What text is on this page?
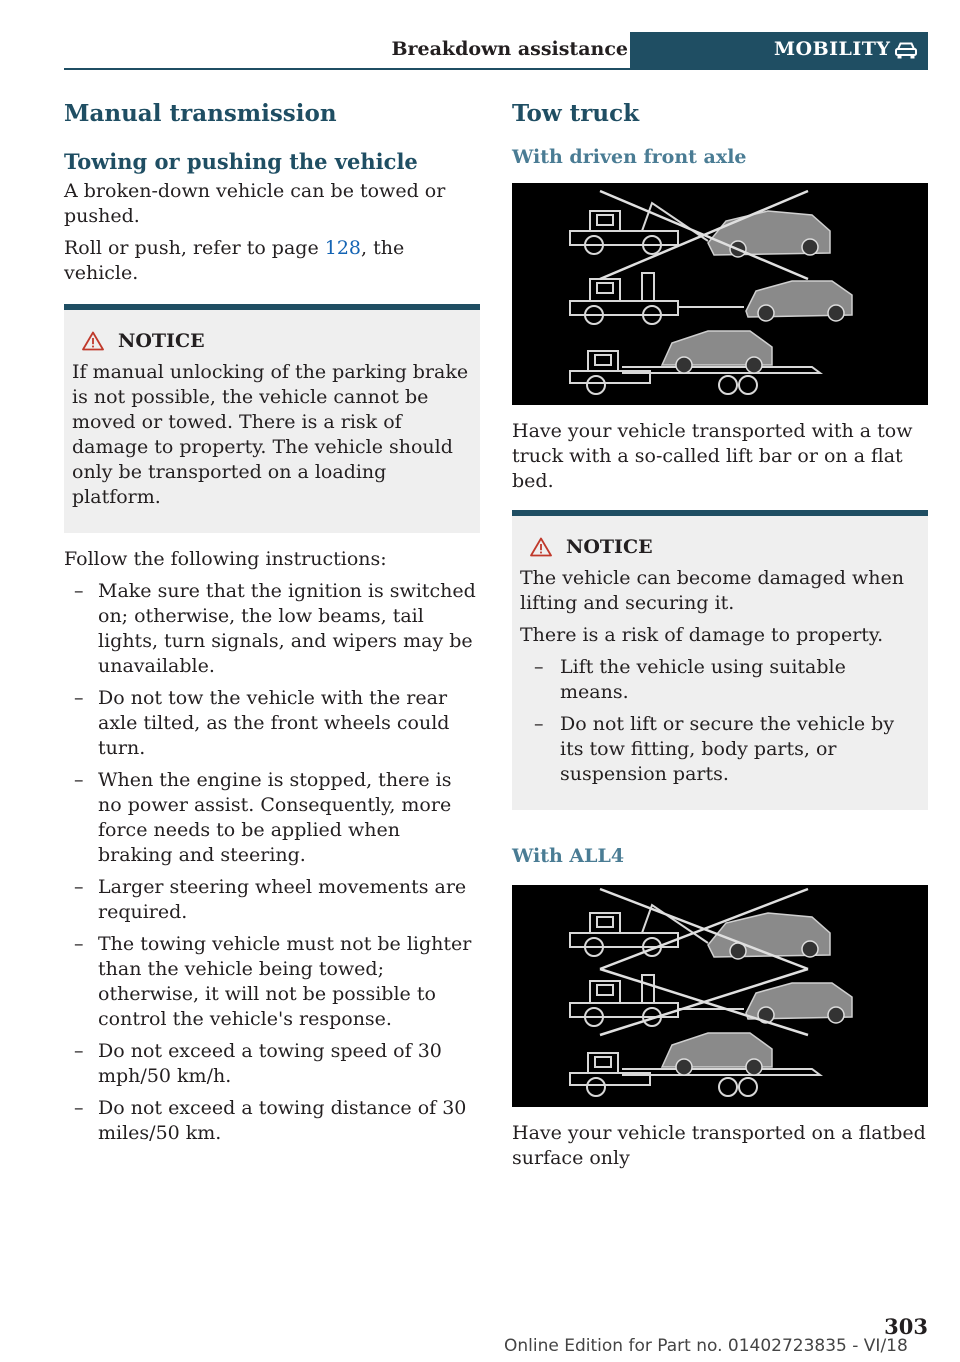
Breakdown assistance	MOBILITY
Manual transmission
Towing or pushing the vehicle

A broken-down vehicle can be towed or pushed.

Roll or push, refer to page 128, the vehicle.

NOTICE

If manual unlocking of the parking brake is not possible, the vehicle cannot be moved or towed. There is a risk of damage to property. The vehicle should only be transported on a loading platform.

Follow the following instructions:

– Make sure that the ignition is switched on; otherwise, the low beams, tail lights, turn signals, and wipers may be unavailable.
– Do not tow the vehicle with the rear axle tilted, as the front wheels could turn.
– When the engine is stopped, there is no power assist. Consequently, more force needs to be applied when braking and steering.
– Larger steering wheel movements are required.
– The towing vehicle must not be lighter than the vehicle being towed; otherwise, it will not be possible to control the vehicle's response.
– Do not exceed a towing speed of 30 mph/50 km/h.
– Do not exceed a towing distance of 30 miles/50 km.
Tow truck
With driven front axle

Have your vehicle transported with a tow truck with a so-called lift bar or on a flat bed.

NOTICE

The vehicle can become damaged when lifting and securing it.

There is a risk of damage to property.

– Lift the vehicle using suitable means.
– Do not lift or secure the vehicle by its tow fitting, body parts, or suspension parts.
With ALL4

Have your vehicle transported on a flatbed surface only

303
Online Edition for Part no. 01402723835 - VI/18
